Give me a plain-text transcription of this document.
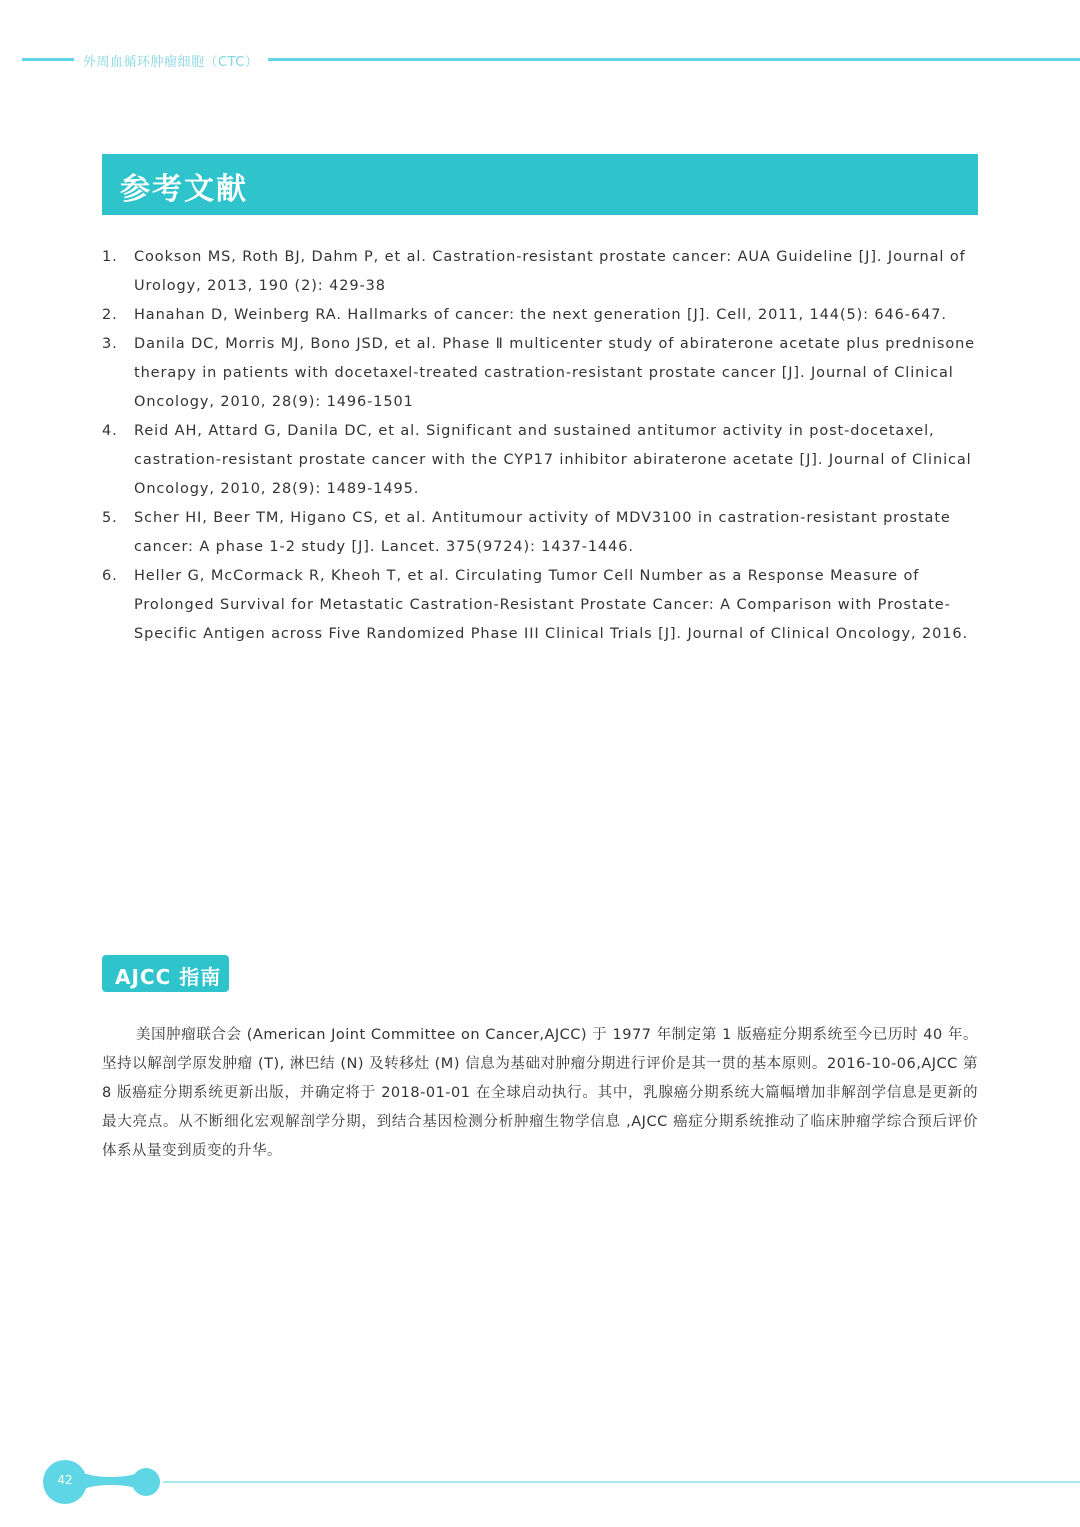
外周血循环肿瘤细胞（CTC）
参考文献
1. Cookson MS, Roth BJ, Dahm P, et al. Castration-resistant prostate cancer: AUA Guideline [J]. Journal of Urology, 2013, 190 (2): 429-38
2. Hanahan D, Weinberg RA. Hallmarks of cancer: the next generation [J]. Cell, 2011, 144(5): 646-647.
3. Danila DC, Morris MJ, Bono JSD, et al. Phase Ⅱ multicenter study of abiraterone acetate plus prednisone therapy in patients with docetaxel-treated castration-resistant prostate cancer [J]. Journal of Clinical Oncology, 2010, 28(9): 1496-1501
4. Reid AH, Attard G, Danila DC, et al. Significant and sustained antitumor activity in post-docetaxel, castration-resistant prostate cancer with the CYP17 inhibitor abiraterone acetate [J]. Journal of Clinical Oncology, 2010, 28(9): 1489-1495.
5. Scher HI, Beer TM, Higano CS, et al. Antitumour activity of MDV3100 in castration-resistant prostate cancer: A phase 1-2 study [J]. Lancet. 375(9724): 1437-1446.
6. Heller G, McCormack R, Kheoh T, et al. Circulating Tumor Cell Number as a Response Measure of Prolonged Survival for Metastatic Castration-Resistant Prostate Cancer: A Comparison with Prostate-Specific Antigen across Five Randomized Phase III Clinical Trials [J]. Journal of Clinical Oncology, 2016.
AJCC 指南
美国肿瘤联合会 (American Joint Committee on Cancer,AJCC) 于 1977 年制定第 1 版癌症分期系统至今已历时 40 年。坚持以解剖学原发肿瘤 (T), 淋巴结 (N) 及转移灶 (M) 信息为基础对肿瘤分期进行评价是其一贯的基本原则。2016-10-06,AJCC 第 8 版癌症分期系统更新出版，并确定将于 2018-01-01 在全球启动执行。其中，乳腺癌分期系统大篇幅增加非解剖学信息是更新的最大亮点。从不断细化宏观解剖学分期，到结合基因检测分析肿瘤生物学信息 ,AJCC 癌症分期系统推动了临床肿瘤学综合预后评价体系从量变到质变的升华。
42
